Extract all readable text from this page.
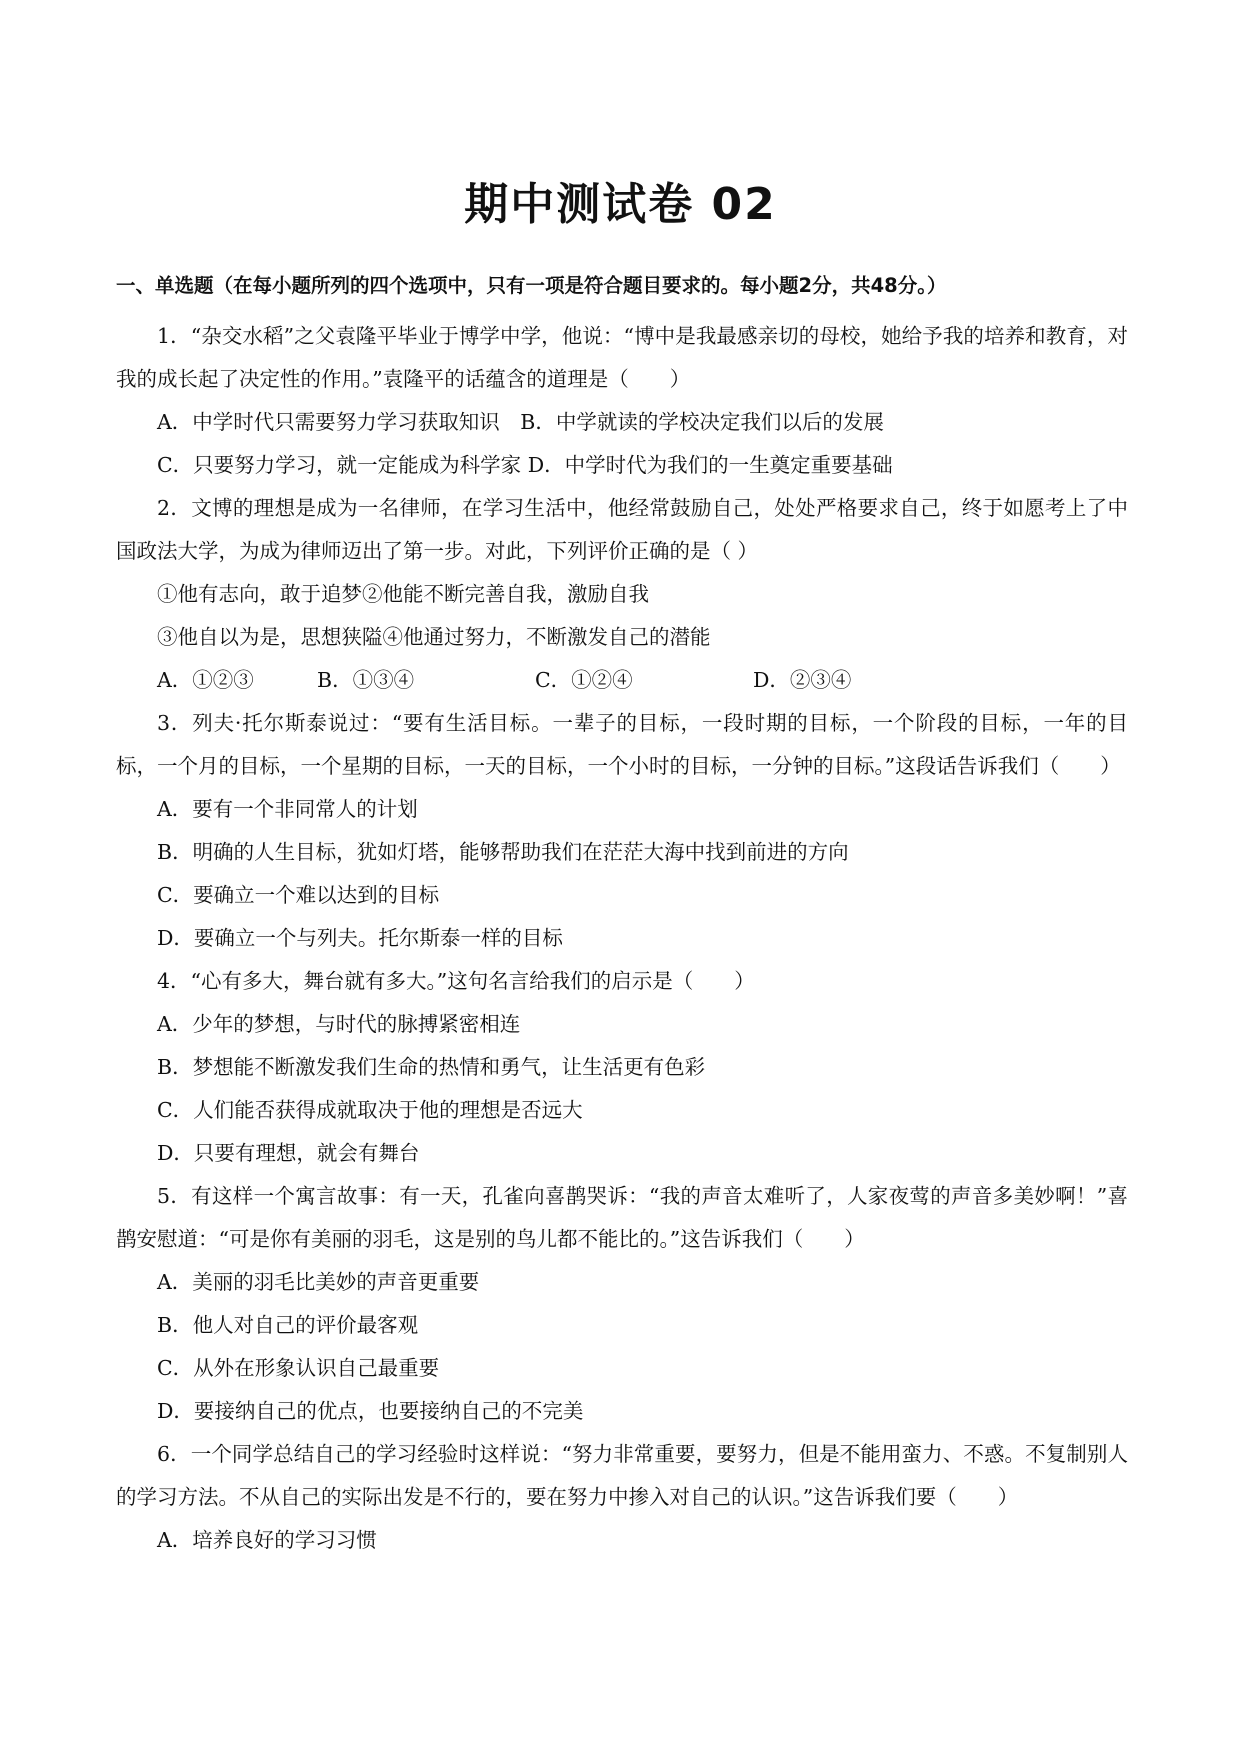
期中测试卷 02
一、单选题（在每小题所列的四个选项中，只有一项是符合题目要求的。每小题2分，共48分。）
1．“杂交水稻”之父袁隆平毕业于博学中学，他说：“博中是我最感亲切的母校，她给予我的培养和教育，对我的成长起了决定性的作用。”袁隆平的话蕴含的道理是（　　）
A．中学时代只需要努力学习获取知识　B．中学就读的学校决定我们以后的发展
C．只要努力学习，就一定能成为科学家 D．中学时代为我们的一生奠定重要基础
2．文博的理想是成为一名律师，在学习生活中，他经常鼓励自己，处处严格要求自己，终于如愿考上了中国政法大学，为成为律师迈出了第一步。对此，下列评价正确的是（ ）
①他有志向，敢于追梦②他能不断完善自我，激励自我
③他自以为是，思想狭隘④他通过努力，不断激发自己的潜能
A．①②③	B．①③④	C．①②④	D．②③④
3．列夫·托尔斯泰说过：“要有生活目标。一辈子的目标，一段时期的目标，一个阶段的目标，一年的目标，一个月的目标，一个星期的目标，一天的目标，一个小时的目标，一分钟的目标。”这段话告诉我们（　　）
A．要有一个非同常人的计划
B．明确的人生目标，犹如灯塔，能够帮助我们在茫茫大海中找到前进的方向
C．要确立一个难以达到的目标
D．要确立一个与列夫。托尔斯泰一样的目标
4．“心有多大，舞台就有多大。”这句名言给我们的启示是（　　）
A．少年的梦想，与时代的脉搏紧密相连
B．梦想能不断激发我们生命的热情和勇气，让生活更有色彩
C．人们能否获得成就取决于他的理想是否远大
D．只要有理想，就会有舞台
5．有这样一个寓言故事：有一天，孔雀向喜鹊哭诉：“我的声音太难听了，人家夜莺的声音多美妙啊！”喜鹊安慰道：“可是你有美丽的羽毛，这是别的鸟儿都不能比的。”这告诉我们（　　）
A．美丽的羽毛比美妙的声音更重要
B．他人对自己的评价最客观
C．从外在形象认识自己最重要
D．要接纳自己的优点，也要接纳自己的不完美
6．一个同学总结自己的学习经验时这样说：“努力非常重要，要努力，但是不能用蛮力、不惑。不复制别人的学习方法。不从自己的实际出发是不行的，要在努力中掺入对自己的认识。”这告诉我们要（　　）
A．培养良好的学习习惯
